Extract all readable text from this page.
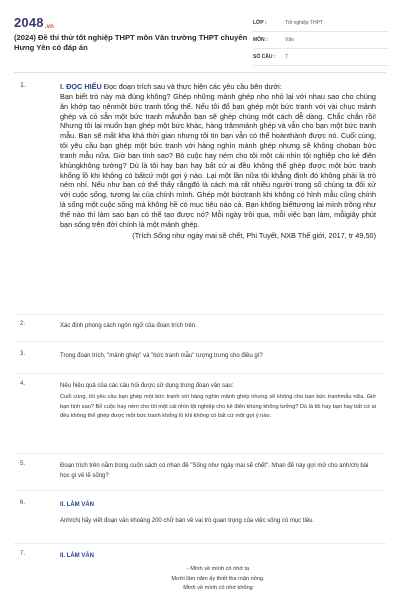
2048.vn
(2024) Đề thi thử tốt nghiệp THPT môn Văn trường THPT chuyên Hưng Yên có đáp án
LỚP :	Tốt nghiệp THPT
MÔN :	Văn
SỐ CÂU :	7
1.	I. ĐỌC HIỂU Đọc đoạn trích sau và thực hiện các yêu cầu bên dưới:
Bạn biết trò này mà đúng không? Ghép những mảnh ghép nho nhỏ lại với nhau sao cho chúng ăn khớp tạo nênmột bức tranh tổng thể. Nếu tôi đổ bạn ghép một bức tranh với vài chục mảnh ghép và có sẵn một bức tranh mẫuhẳn bạn sẽ ghép chúng một cách dễ dàng. Chắc chắn rồi! Nhưng tôi lại muốn bạn ghép một bức khác, hàng trămmảnh ghép và vẫn cho bạn một bức tranh mẫu. Bạn sẽ mất kha khá thời gian nhưng tôi tin bạn vẫn có thể hoànthành được nó. Cuối cùng, tôi yêu cầu bạn ghép một bức tranh với hàng nghìn mảnh ghép nhưng sẽ không chobạn bức tranh mẫu nữa. Giờ bạn tính sao? Bỏ cuộc hay ném cho tôi một cái nhìn tội nghiệp cho kẻ điên khùngkhông tưởng? Dù là tôi hay bạn hay bất cứ ai đều không thể ghép được một bức tranh khổng lồ khi không có bấtcứ một gợi ý nào. Lại một lần nữa tôi khẳng định đó không phải là trò ném nhí. Nếu như bạn có thể thấy rằngđó là cách mà rất nhiều người trong số chúng ta đối xử với cuộc sống, tương lai của chính mình. Ghép một bứctranh khi không có hình mẫu cũng chính là sống một cuộc sống mà không hề có mục tiêu nào cả. Bạn không biếttương lai mình trông như thế nào thì làm sao bạn có thể tạo được nó? Mỗi ngày trôi qua, mỗi việc bạn làm, mỗigiây phút bạn sống trên đời chính là một mảnh ghép.
(Trích Sống như ngày mai sẽ chết, Phi Tuyết, NXB Thế giới, 2017, tr 49,50)
2.	Xác định phong cách ngôn ngữ của đoạn trích trên.
3.	Trong đoạn trích, "mảnh ghép" và "bức tranh mẫu" tượng trưng cho điều gì?
4.	Nêu hiệu quả của các câu hỏi được sử dụng trong đoạn văn sau:
Cuối cùng, tôi yêu cầu bạn ghép một bức tranh với hàng nghìn mảnh ghép nhưng sẽ không cho bạn bức tranhmẫu nữa. Giờ bạn tính sao? Bỏ cuộc hay ném cho tôi một cái nhìn tội nghiệp cho kẻ điên khùng không tưởng? Dù là tôi hay bạn hay bất cứ ai đều không thể ghép được một bức tranh khổng lồ khi không có bất cứ một gợi ý nào.
5.	Đoạn trích trên nằm trong cuốn sách có nhan đề "Sống như ngày mai sẽ chết". Nhan đề này gợi mở cho anh/chị bài học gì về lẽ sống?
6.	II. LÀM VĂN
Anh/chị hãy viết đoạn văn khoảng 200 chữ bàn về vai trò quan trọng của việc sống có mục tiêu.
7.	II. LÀM VĂN
- Mình về mình có nhớ ta
Mười lăm năm ấy thiết tha mặn nồng.
Mình về mình có nhớ không
